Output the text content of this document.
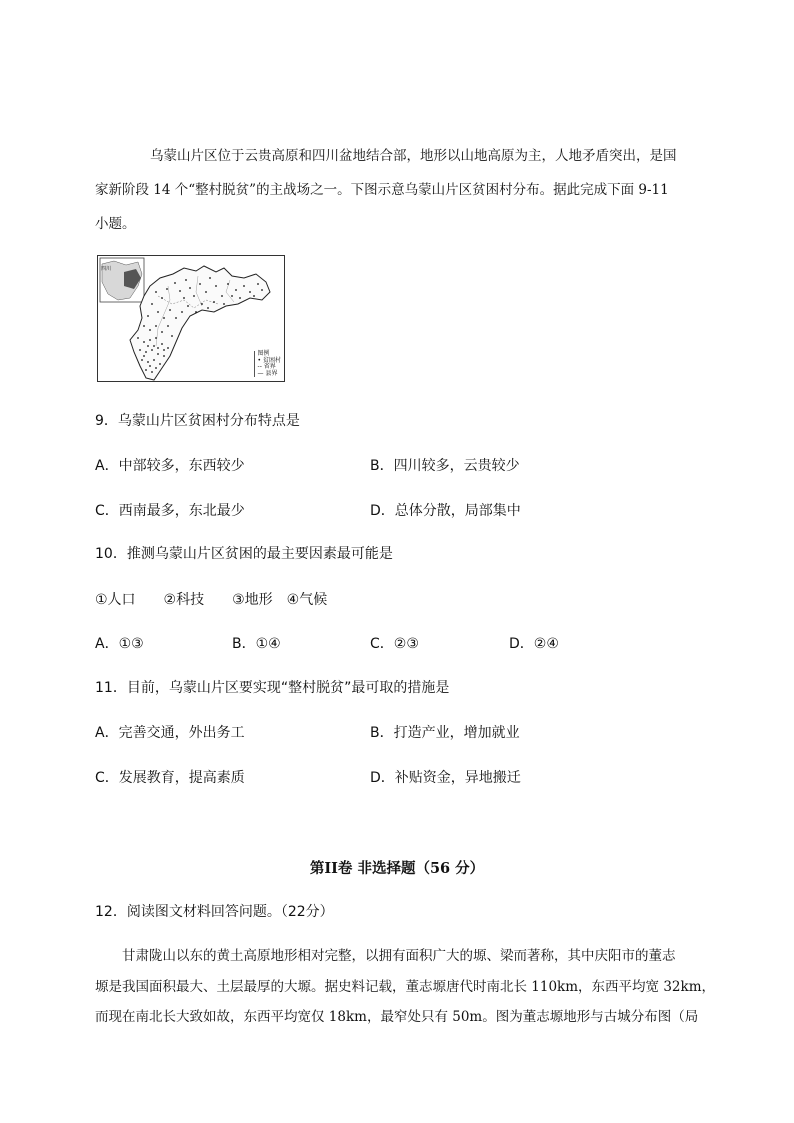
乌蒙山片区位于云贵高原和四川盆地结合部，地形以山地高原为主，人地矛盾突出，是国
家新阶段 14 个“整村脱贫”的主战场之一。下图示意乌蒙山片区贫困村分布。据此完成下面 9-11
小题。
四川
图例
• 贫困村
-- 省界
— 县界
9．乌蒙山片区贫困村分布特点是
A．中部较多，东西较少	B．四川较多，云贵较少
C．西南最多，东北最少	D．总体分散，局部集中
10．推测乌蒙山片区贫困的最主要因素最可能是
①人口　　②科技　　③地形　④气候
A．①③	B．①④	C．②③	D．②④
11．目前，乌蒙山片区要实现“整村脱贫”最可取的措施是
A．完善交通，外出务工	B．打造产业，增加就业
C．发展教育，提高素质	D．补贴资金，异地搬迁
第II卷 非选择题（56 分）
12．阅读图文材料回答问题。（22分）
甘肃陇山以东的黄土高原地形相对完整，以拥有面积广大的塬、梁而著称，其中庆阳市的董志
塬是我国面积最大、土层最厚的大塬。据史料记载，董志塬唐代时南北长 110km，东西平均宽 32km，
而现在南北长大致如故，东西平均宽仅 18km，最窄处只有 50m。图为董志塬地形与古城分布图（局
